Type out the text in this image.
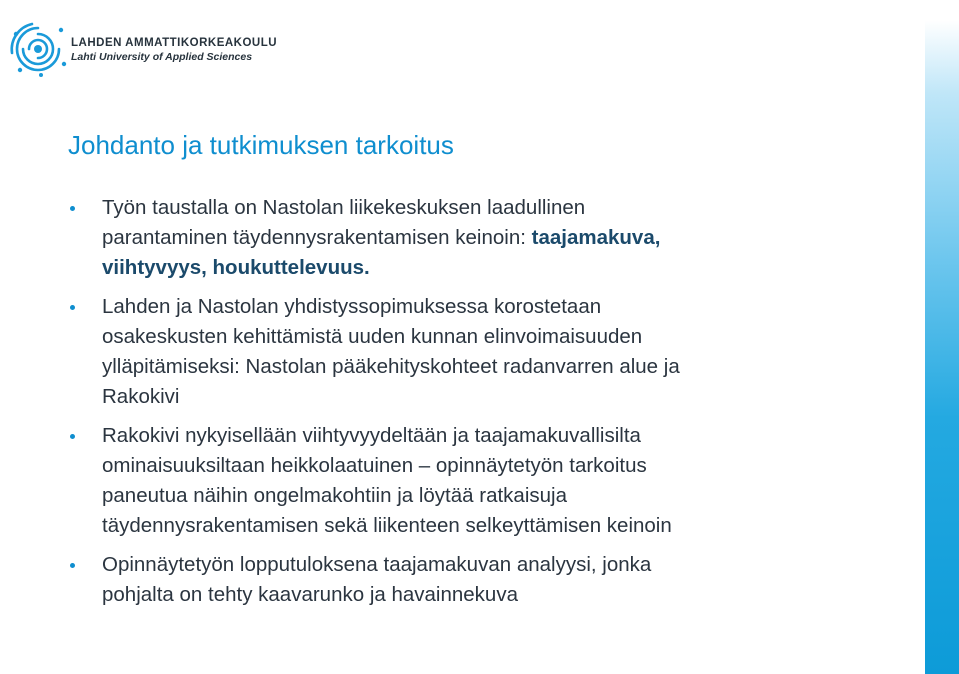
LAHDEN AMMATTIKORKEAKOULU
Lahti University of Applied Sciences
Johdanto ja tutkimuksen tarkoitus
Työn taustalla on Nastolan liikekeskuksen laadullinen
parantaminen täydennysrakentamisen keinoin: taajamakuva,
viihtyvyys, houkuttelevuus.
Lahden ja Nastolan yhdistyssopimuksessa korostetaan
osakeskusten kehittämistä uuden kunnan elinvoimaisuuden
ylläpitämiseksi: Nastolan pääkehityskohteet radanvarren alue ja
Rakokivi
Rakokivi nykyisellään viihtyvyydeltään ja taajamakuvallisilta
ominaisuuksiltaan heikkolaatuinen – opinnäytetyön tarkoitus
paneutua näihin ongelmakohtiin ja löytää ratkaisuja
täydennysrakentamisen sekä liikenteen selkeyttämisen keinoin
Opinnäytetyön lopputuloksena taajamakuvan analyysi, jonka
pohjalta on tehty kaavarunko ja havainnekuva
